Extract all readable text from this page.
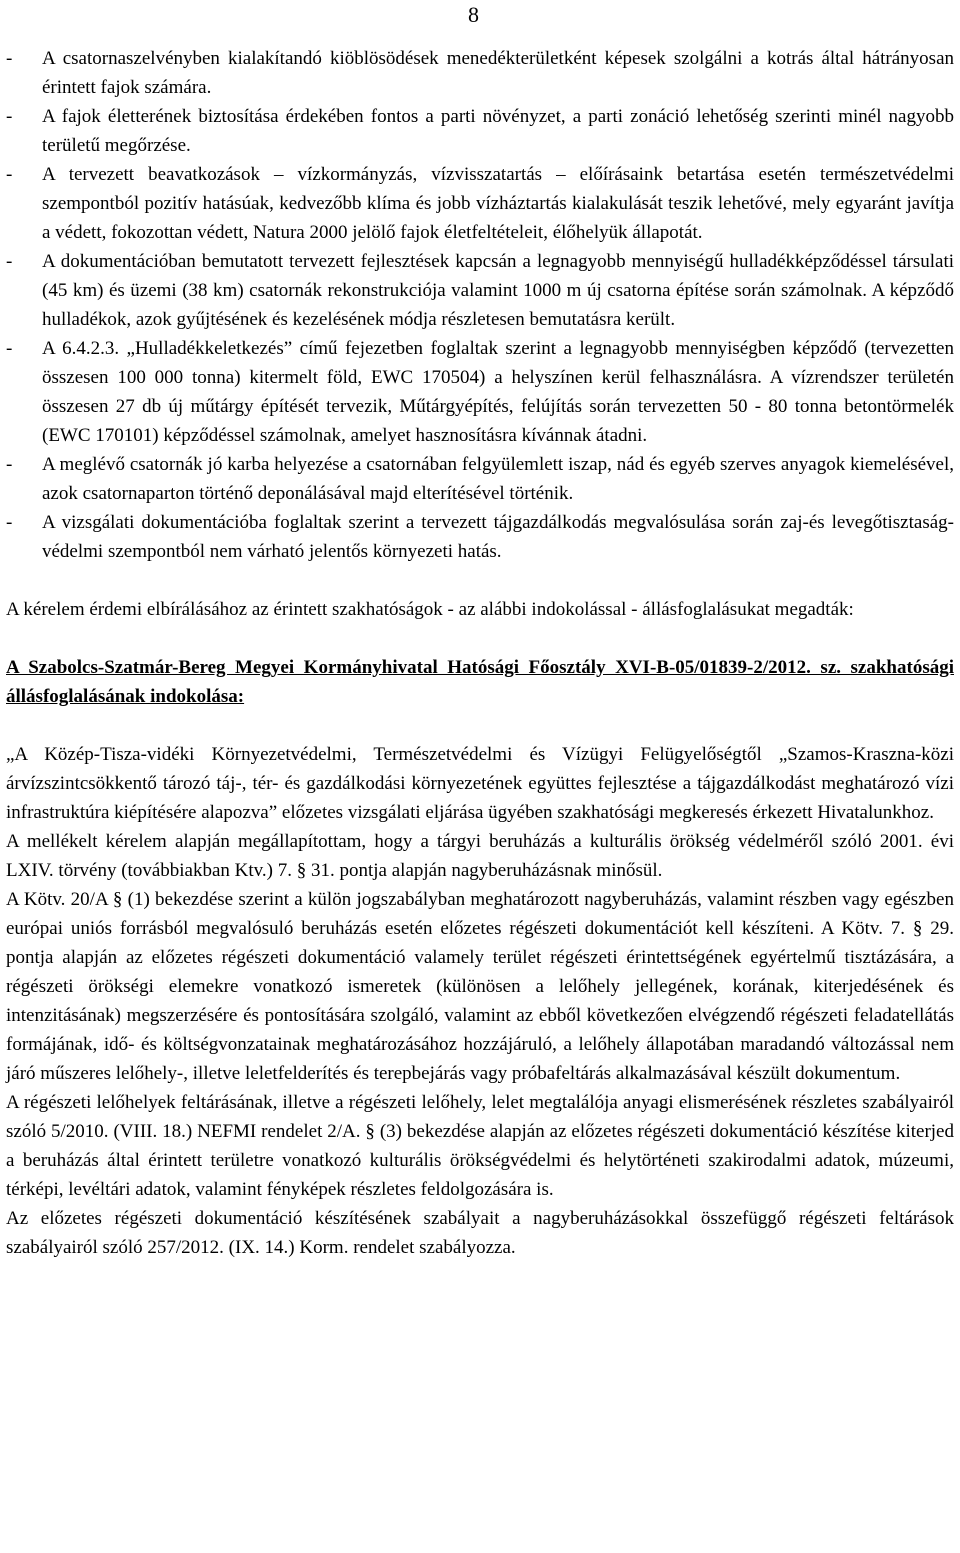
8
- A csatornaszelvényben kialakítandó kiöblösödések menedékterületként képesek szolgálni a kotrás által hátrányosan érintett fajok számára.
- A fajok életterének biztosítása érdekében fontos a parti növényzet, a parti zonáció lehetőség szerinti minél nagyobb területű megőrzése.
- A tervezett beavatkozások – vízkormányzás, vízvisszatartás – előírásaink betartása esetén természetvédelmi szempontból pozitív hatásúak, kedvezőbb klíma és jobb vízháztartás kialakulását teszik lehetővé, mely egyaránt javítja a védett, fokozottan védett, Natura 2000 jelölő fajok életfeltételeit, élőhelyük állapotát.
- A dokumentációban bemutatott tervezett fejlesztések kapcsán a legnagyobb mennyiségű hulladékképződéssel társulati (45 km) és üzemi (38 km) csatornák rekonstrukciója valamint 1000 m új csatorna építése során számolnak. A képződő hulladékok, azok gyűjtésének és kezelésének módja részletesen bemutatásra került.
- A 6.4.2.3. „Hulladékkeletkezés” című fejezetben foglaltak szerint a legnagyobb mennyiségben képződő (tervezetten összesen 100 000 tonna) kitermelt föld, EWC 170504) a helyszínen kerül felhasználásra. A vízrendszer területén összesen 27 db új műtárgy építését tervezik, Műtárgyépítés, felújítás során tervezetten 50 - 80 tonna betontörmelék (EWC 170101) képződéssel számolnak, amelyet hasznosításra kívánnak átadni.
- A meglévő csatornák jó karba helyezése a csatornában felgyülemlett iszap, nád és egyéb szerves anyagok kiemelésével, azok csatornaparton történő deponálásával majd elterítésével történik.
- A vizsgálati dokumentációba foglaltak szerint a tervezett tájgazdálkodás megvalósulása során zaj-és levegőtisztaság-védelmi szempontból nem várható jelentős környezeti hatás.

A kérelem érdemi elbírálásához az érintett szakhatóságok - az alábbi indokolással - állásfoglalásukat megadták:

A Szabolcs-Szatmár-Bereg Megyei Kormányhivatal Hatósági Főosztály XVI-B-05/01839-2/2012. sz. szakhatósági állásfoglalásának indokolása:

„A Közép-Tisza-vidéki Környezetvédelmi, Természetvédelmi és Vízügyi Felügyelőségtől „Szamos-Kraszna-közi árvízszintcsökkentő tározó táj-, tér- és gazdálkodási környezetének együttes fejlesztése a tájgazdálkodást meghatározó vízi infrastruktúra kiépítésére alapozva” előzetes vizsgálati eljárása ügyében szakhatósági megkeresés érkezett Hivatalunkhoz.

A mellékelt kérelem alapján megállapítottam, hogy a tárgyi beruházás a kulturális örökség védelméről szóló 2001. évi LXIV. törvény (továbbiakban Ktv.) 7. § 31. pontja alapján nagyberuházásnak minősül.

A Kötv. 20/A § (1) bekezdése szerint a külön jogszabályban meghatározott nagyberuházás, valamint részben vagy egészben európai uniós forrásból megvalósuló beruházás esetén előzetes régészeti dokumentációt kell készíteni. A Kötv. 7. § 29. pontja alapján az előzetes régészeti dokumentáció valamely terület régészeti érintettségének egyértelmű tisztázására, a régészeti örökségi elemekre vonatkozó ismeretek (különösen a lelőhely jellegének, korának, kiterjedésének és intenzitásának) megszerzésére és pontosítására szolgáló, valamint az ebből következően elvégzendő régészeti feladatellátás formájának, idő- és költségvonzatainak meghatározásához hozzájáruló, a lelőhely állapotában maradandó változással nem járó műszeres lelőhely-, illetve leletfelderítés és terepbejárás vagy próbafeltárás alkalmazásával készült dokumentum.

A régészeti lelőhelyek feltárásának, illetve a régészeti lelőhely, lelet megtalálója anyagi elismerésének részletes szabályairól szóló 5/2010. (VIII. 18.) NEFMI rendelet 2/A. § (3) bekezdése alapján az előzetes régészeti dokumentáció készítése kiterjed a beruházás által érintett területre vonatkozó kulturális örökségvédelmi és helytörténeti szakirodalmi adatok, múzeumi, térképi, levéltári adatok, valamint fényképek részletes feldolgozására is.

Az előzetes régészeti dokumentáció készítésének szabályait a nagyberuházásokkal összefüggő régészeti feltárások szabályairól szóló 257/2012. (IX. 14.) Korm. rendelet szabályozza.
